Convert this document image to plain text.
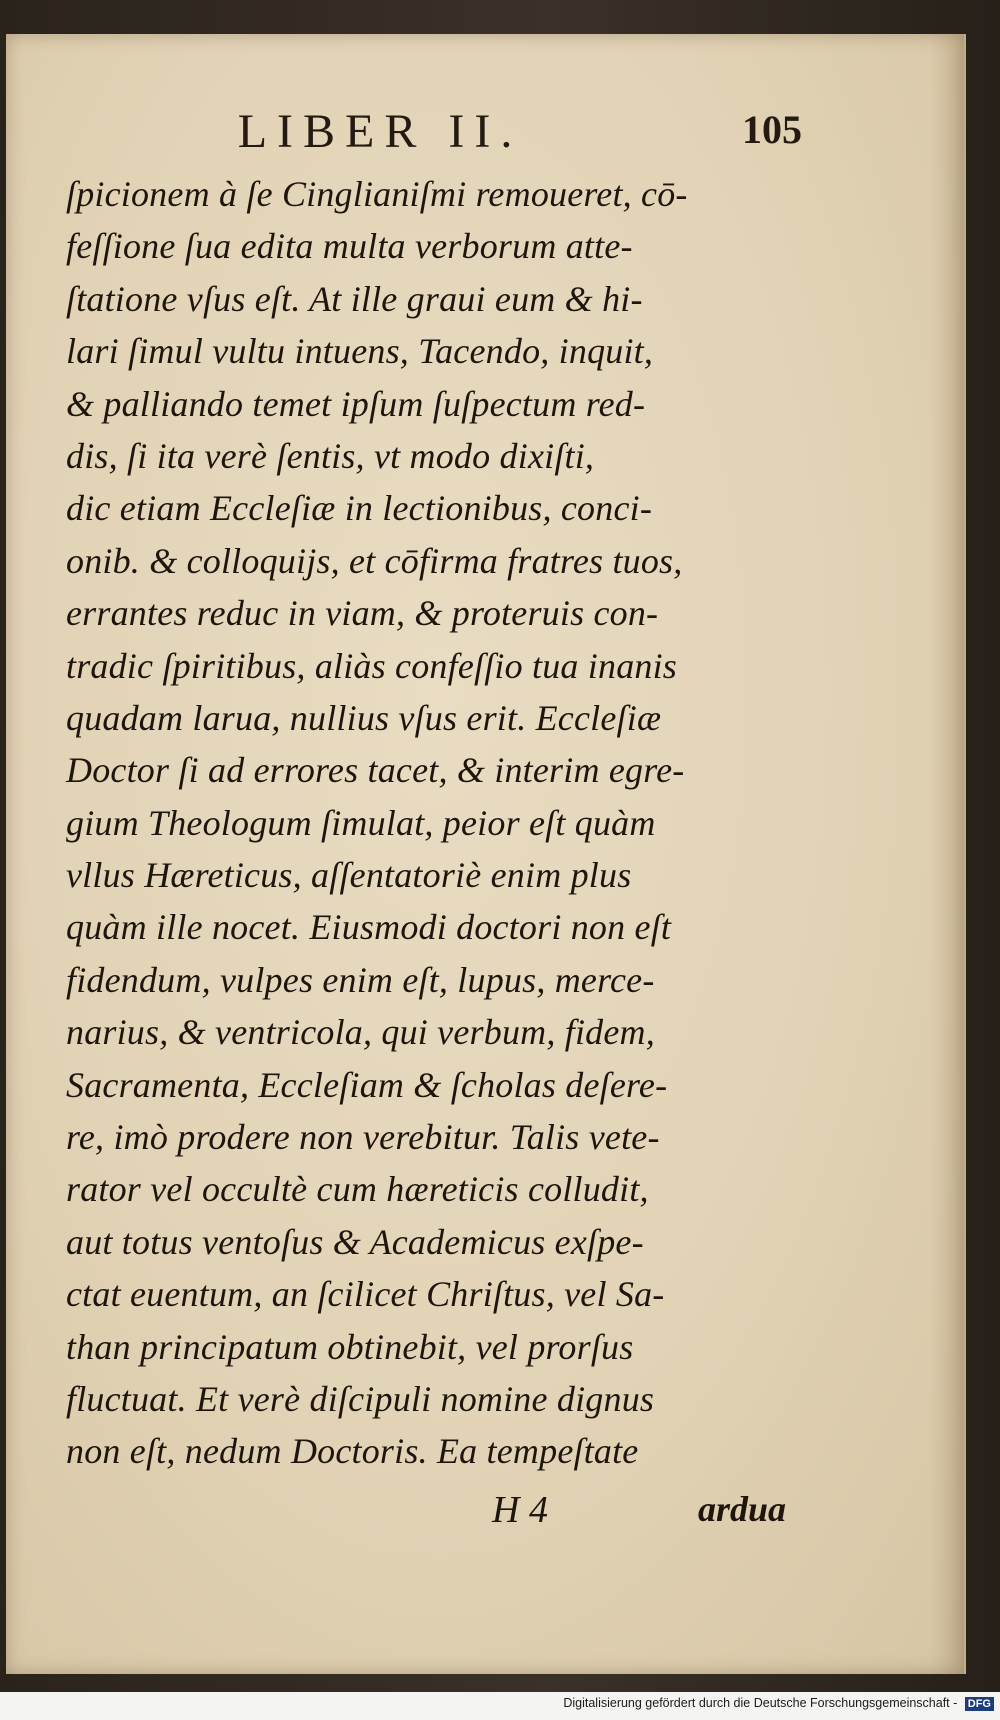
LIBER II.	105
ſpicionem à ſe Cinglianiſmi remoueret, cō-
feſſione ſua edita multa verborum atte-
ſtatione vſus eſt. At ille graui eum & hi-
lari ſimul vultu intuens, Tacendo, inquit,
& palliando temet ipſum ſuſpectum red-
dis, ſi ita verè ſentis, vt modo dixiſti,
dic etiam Eccleſiæ in lectionibus, conci-
onib. & colloquijs, et cōfirma fratres tuos,
errantes reduc in viam, & proteruis con-
tradic ſpiritibus, aliàs confeſſio tua inanis
quadam larua, nullius vſus erit. Eccleſiæ
Doctor ſi ad errores tacet, & interim egre-
gium Theologum ſimulat, peior eſt quàm
vllus Hæreticus, aſſentatoriè enim plus
quàm ille nocet. Eiusmodi doctori non eſt
fidendum, vulpes enim eſt, lupus, merce-
narius, & ventricola, qui verbum, fidem,
Sacramenta, Eccleſiam & ſcholas deſere-
re, imò prodere non verebitur. Talis vete-
rator vel occultè cum hæreticis colludit,
aut totus ventoſus & Academicus exſpe-
ctat euentum, an ſcilicet Chriſtus, vel Sa-
than principatum obtinebit, vel prorſus
fluctuat. Et verè diſcipuli nomine dignus
non eſt, nedum Doctoris. Ea tempeſtate
H 4	ardua
Digitalisierung gefördert durch die Deutsche Forschungsgemeinschaft - DFG
